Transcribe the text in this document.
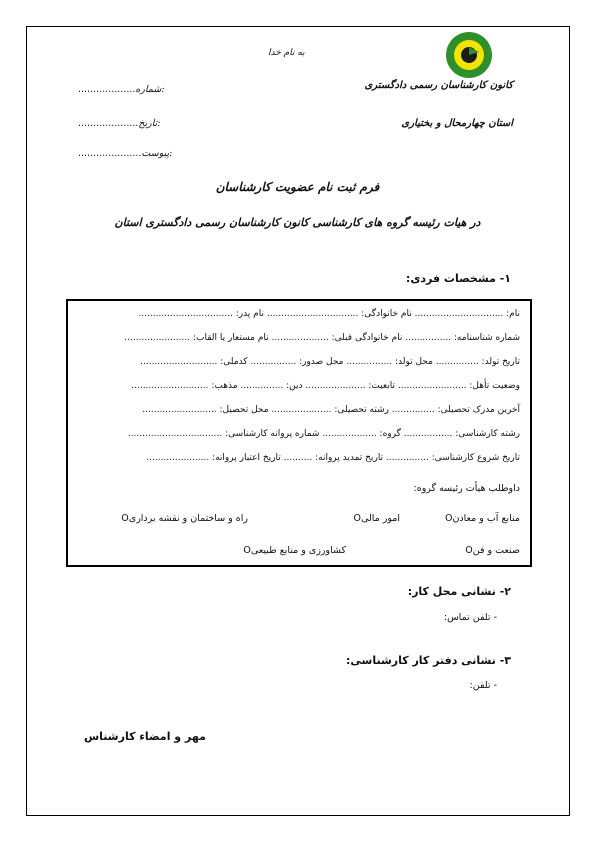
به نام خدا
کانون کارشناسان رسمی دادگستری
استان چهارمحال و بختیاری
...................شماره:
....................تاریخ:
.....................پیوست:
فرم ثبت نام عضویت کارشناسان
در هیات رئیسه گروه های کارشناسی کانون کارشناسان رسمی دادگستری استان
۱- مشخصات فردی:
نام: ............................... نام خانوادگی: ................................ نام پدر: .................................
شماره شناسنامه: ................ نام خانوادگی قبلی: .................... نام مستعار یا القاب: .......................
تاریخ تولد: ............... محل تولد: ................ محل صدور: ................ کدملی: ...........................
وضعیت تأهل: ........................ تابعیت: ..................... دین: ............... مذهب: ...........................
آخرین مدرک تحصیلی: ............... رشته تحصیلی: ..................... محل تحصیل: ..........................
رشته کارشناسی: ................. گروه: ................... شماره پروانه کارشناسی: .................................
تاریخ شروع کارشناسی: ............... تاریخ تمدید پروانه: .......... تاریخ اعتبار پروانه: ......................
داوطلب هیأت رئیسه گروه:
منابع آب و معادنO
امور مالیO
راه و ساختمان و نقشه برداریO
صنعت و فنO
کشاورزی و منابع طبیعیO
۲- نشانی محل کار:
- تلفن تماس:
۳- نشانی دفتر کار کارشناسی:
- تلفن:
مهر و امضاء کارشناس
